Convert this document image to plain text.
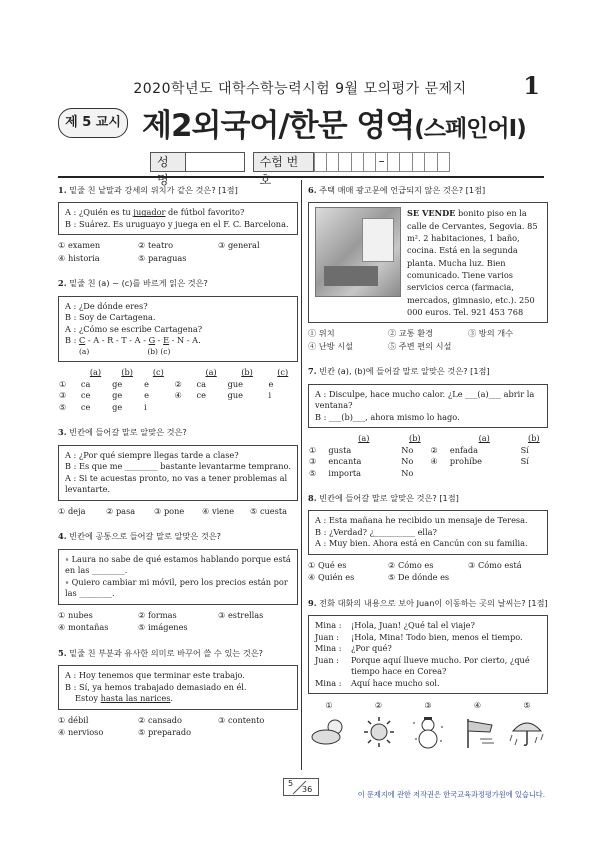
2020학년도 대학수학능력시험 9월 모의평가 문제지	1
제 5 교시 제2외국어/한문 영역(스페인어Ⅰ)
성명
수험 번호
–
1. 밑줄 친 낱말과 강세의 위치가 같은 것은? [1점]
A : ¿Quién es tu jugador de fútbol favorito?
B : Suárez. Es uruguayo y juega en el F. C. Barcelona.
① examen	② teatro	③ general
④ historia	⑤ paraguas
2. 밑줄 친 (a) ~ (c)를 바르게 읽은 것은?
A : ¿De dónde eres?
B : Soy de Cartagena.
A : ¿Cómo se escribe Cartagena?
B : C - A - R - T - A - G - E - N - A.
(a)	(b) (c)
	(a)	(b)	(c)		(a)	(b)	(c)
①	ca	ge	e	②	ca	gue	e
③	ce	ge	e	④	ce	gue	i
⑤	ce	ge	i				
3. 빈칸에 들어갈 말로 알맞은 것은?
A : ¿Por qué siempre llegas tarde a clase?
B : Es que me ________ bastante levantarme temprano.
A : Si te acuestas pronto, no vas a tener problemas al levantarte.
① deja	② pasa	③ pone	④ viene	⑤ cuesta
4. 빈칸에 공통으로 들어갈 말로 알맞은 것은?
∘ Laura no sabe de qué estamos hablando porque está en las ________.
∘ Quiero cambiar mi móvil, pero los precios están por las ________.
① nubes	② formas	③ estrellas
④ montañas	⑤ imágenes
5. 밑줄 친 부분과 유사한 의미로 바꾸어 쓸 수 있는 것은?
A : Hoy tenemos que terminar este trabajo.
B : Sí, ya hemos trabajado demasiado en él.
Estoy hasta las narices.
① débil	② cansado	③ contento
④ nervioso	⑤ preparado
6. 주택 매매 광고문에 언급되지 않은 것은? [1점]
SE VENDE bonito piso en la calle de Cervantes, Segovia. 85 m². 2 habitaciones, 1 baño, cocina. Está en la segunda planta. Mucha luz. Bien comunicado. Tiene varios servicios cerca (farmacia, mercados, gimnasio, etc.). 250 000 euros. Tel. 921 453 768
① 위치	② 교통 환경	③ 방의 개수
④ 난방 시설	⑤ 주변 편의 시설
7. 빈칸 (a), (b)에 들어갈 말로 알맞은 것은? [1점]
A : Disculpe, hace mucho calor. ¿Le ___(a)___ abrir la ventana?
B : ___(b)___, ahora mismo lo hago.
	(a)	(b)		(a)	(b)
①	gusta	No	②	enfada	Sí
③	encanta	No	④	prohíbe	Sí
⑤	importa	No			
8. 빈칸에 들어갈 말로 알맞은 것은? [1점]
A : Esta mañana he recibido un mensaje de Teresa.
B : ¿Verdad? ¿__________ ella?
A : Muy bien. Ahora está en Cancún con su familia.
① Qué es	② Cómo es	③ Cómo está
④ Quién es	⑤ De dónde es
9. 전화 대화의 내용으로 보아 Juan이 이동하는 곳의 날씨는? [1점]
Mina :	¡Hola, Juan! ¿Qué tal el viaje?
Juan :	¡Hola, Mina! Todo bien, menos el tiempo.
Mina :	¿Por qué?
Juan :	Porque aquí llueve mucho. Por cierto, ¿qué tiempo hace en Corea?
Mina :	Aquí hace mucho sol.
①	②	③	④	⑤
5
36
이 문제지에 관한 저작권은 한국교육과정평가원에 있습니다.
